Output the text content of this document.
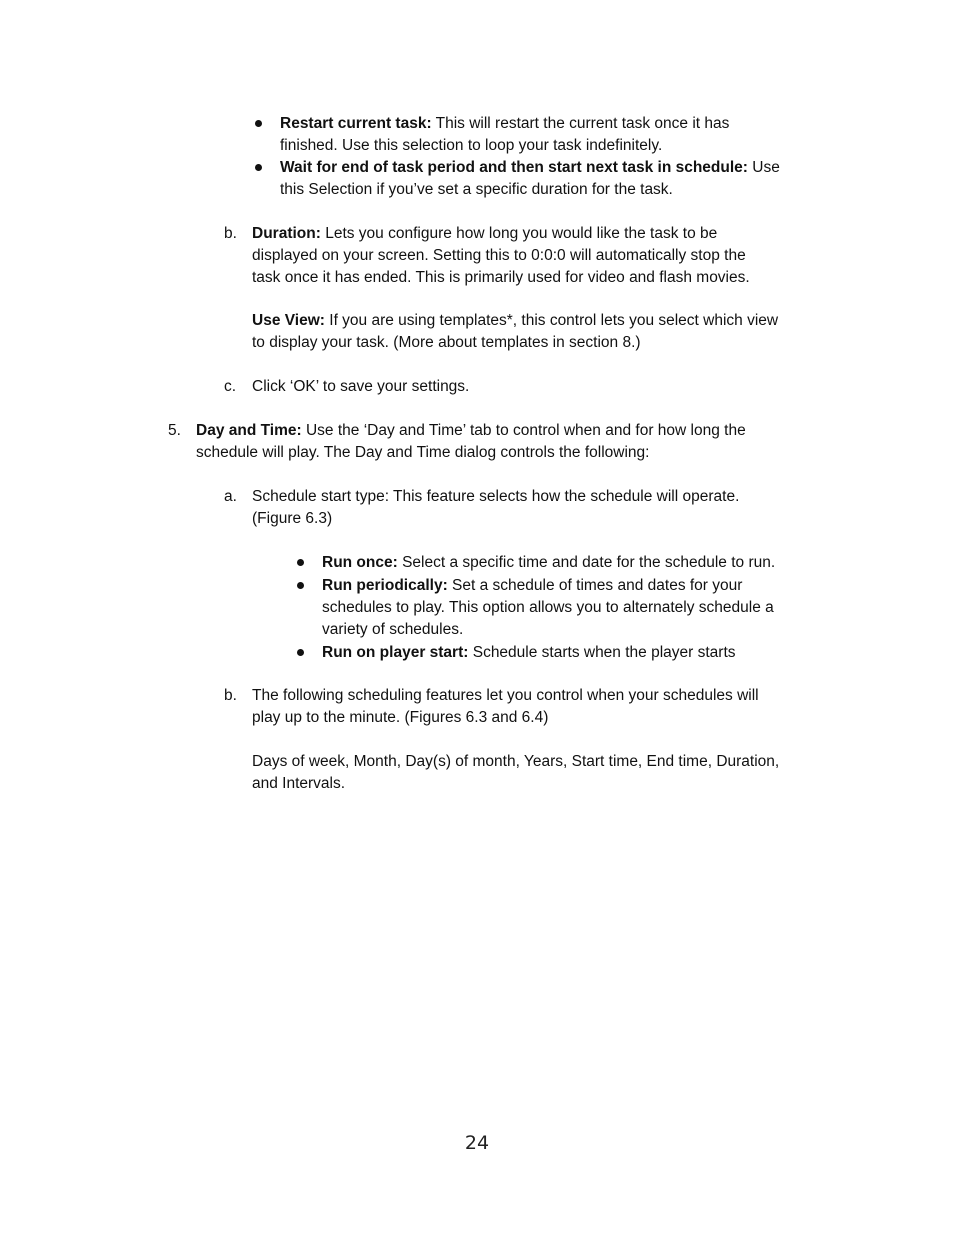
Restart current task: This will restart the current task once it has
finished. Use this selection to loop your task indefinitely.
Wait for end of task period and then start next task in schedule: Use
this Selection if you’ve set a specific duration for the task.
b. Duration: Lets you configure how long you would like the task to be
displayed on your screen. Setting this to 0:0:0 will automatically stop the
task once it has ended. This is primarily used for video and flash movies.
Use View: If you are using templates*, this control lets you select which view
to display your task. (More about templates in section 8.)
c. Click ‘OK’ to save your settings.
5. Day and Time: Use the ‘Day and Time’ tab to control when and for how long the
schedule will play. The Day and Time dialog controls the following:
a. Schedule start type: This feature selects how the schedule will operate.
(Figure 6.3)
Run once: Select a specific time and date for the schedule to run.
Run periodically: Set a schedule of times and dates for your
schedules to play. This option allows you to alternately schedule a
variety of schedules.
Run on player start: Schedule starts when the player starts
b. The following scheduling features let you control when your schedules will
play up to the minute. (Figures 6.3 and 6.4)
Days of week, Month, Day(s) of month, Years, Start time, End time, Duration,
and Intervals.
24
